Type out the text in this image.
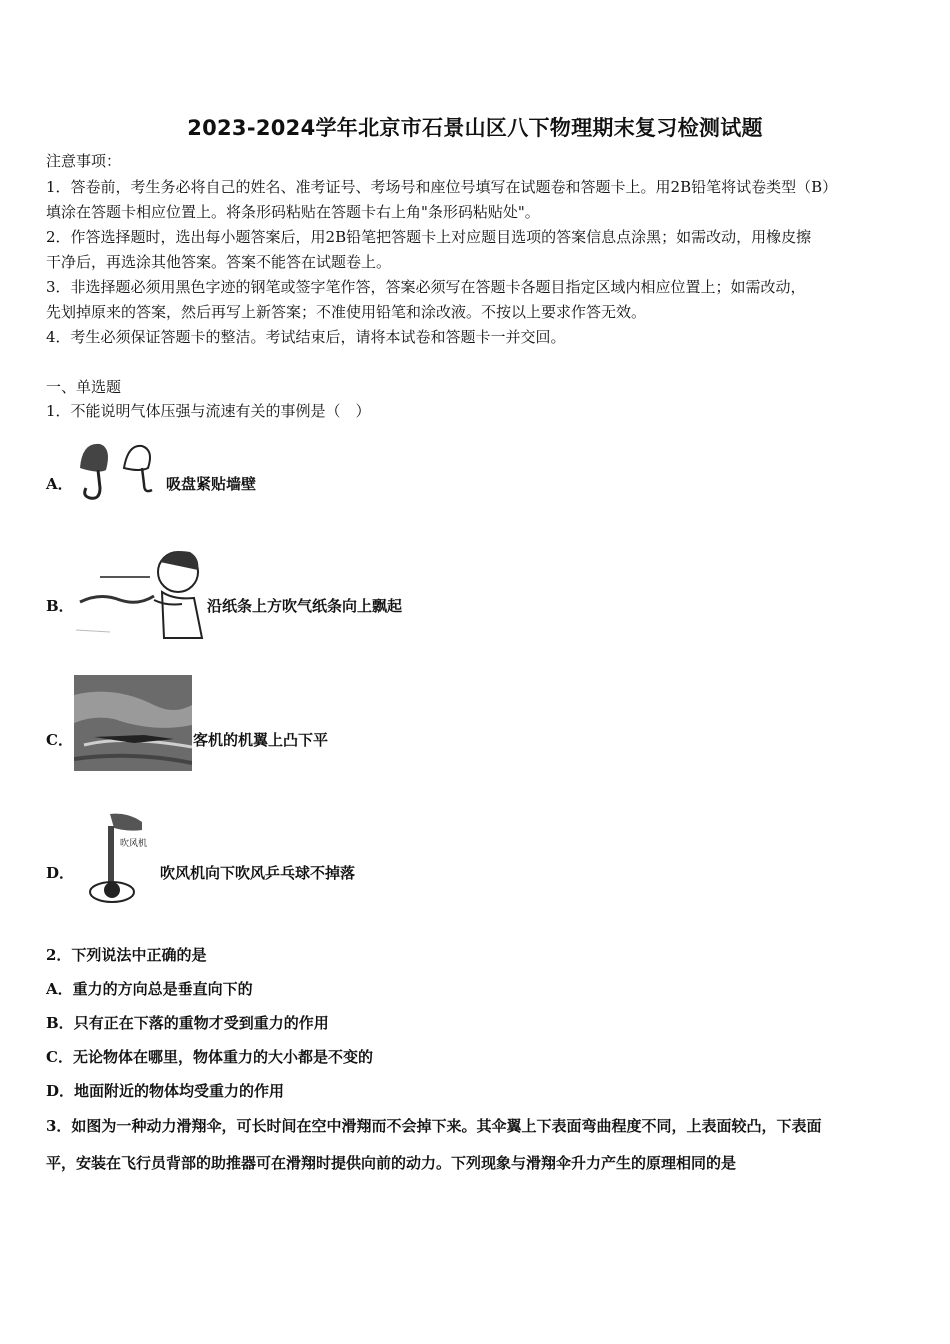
2023-2024学年北京市石景山区八下物理期末复习检测试题
注意事项：
1．答卷前，考生务必将自己的姓名、准考证号、考场号和座位号填写在试题卷和答题卡上。用2B铅笔将试卷类型（B）
填涂在答题卡相应位置上。将条形码粘贴在答题卡右上角"条形码粘贴处"。
2．作答选择题时，选出每小题答案后，用2B铅笔把答题卡上对应题目选项的答案信息点涂黑；如需改动，用橡皮擦
干净后，再选涂其他答案。答案不能答在试题卷上。
3．非选择题必须用黑色字迹的钢笔或签字笔作答，答案必须写在答题卡各题目指定区域内相应位置上；如需改动，
先划掉原来的答案，然后再写上新答案；不准使用铅笔和涂改液。不按以上要求作答无效。
4．考生必须保证答题卡的整洁。考试结束后，请将本试卷和答题卡一并交回。
一、单选题
1．不能说明气体压强与流速有关的事例是（　）
A．	吸盘紧贴墙壁
B．	沿纸条上方吹气纸条向上飘起
C．	客机的机翼上凸下平
D．
吹风机
吹风机向下吹风乒乓球不掉落
2．下列说法中正确的是
A．重力的方向总是垂直向下的
B．只有正在下落的重物才受到重力的作用
C．无论物体在哪里，物体重力的大小都是不变的
D．地面附近的物体均受重力的作用
3．如图为一种动力滑翔伞，可长时间在空中滑翔而不会掉下来。其伞翼上下表面弯曲程度不同，上表面较凸，下表面
平，安装在飞行员背部的助推器可在滑翔时提供向前的动力。下列现象与滑翔伞升力产生的原理相同的是
